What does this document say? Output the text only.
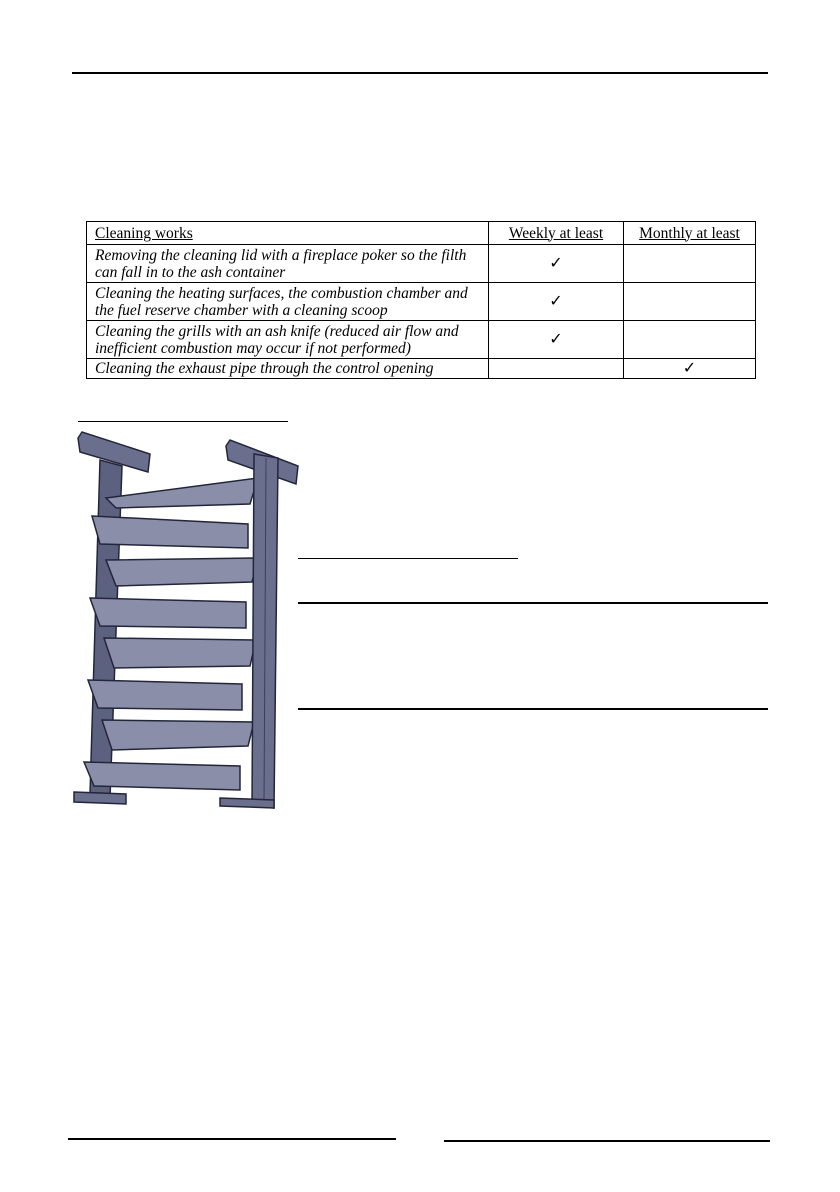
Cleaning works	Weekly at least	Monthly at least
Removing the cleaning lid with a fireplace poker so the filth can fall in to the ash container	✓	
Cleaning the heating surfaces, the combustion chamber and the fuel reserve chamber with a cleaning scoop	✓	
Cleaning the grills with an ash knife (reduced air flow and inefficient combustion may occur if not performed)	✓	
Cleaning the exhaust pipe through the control opening		✓
